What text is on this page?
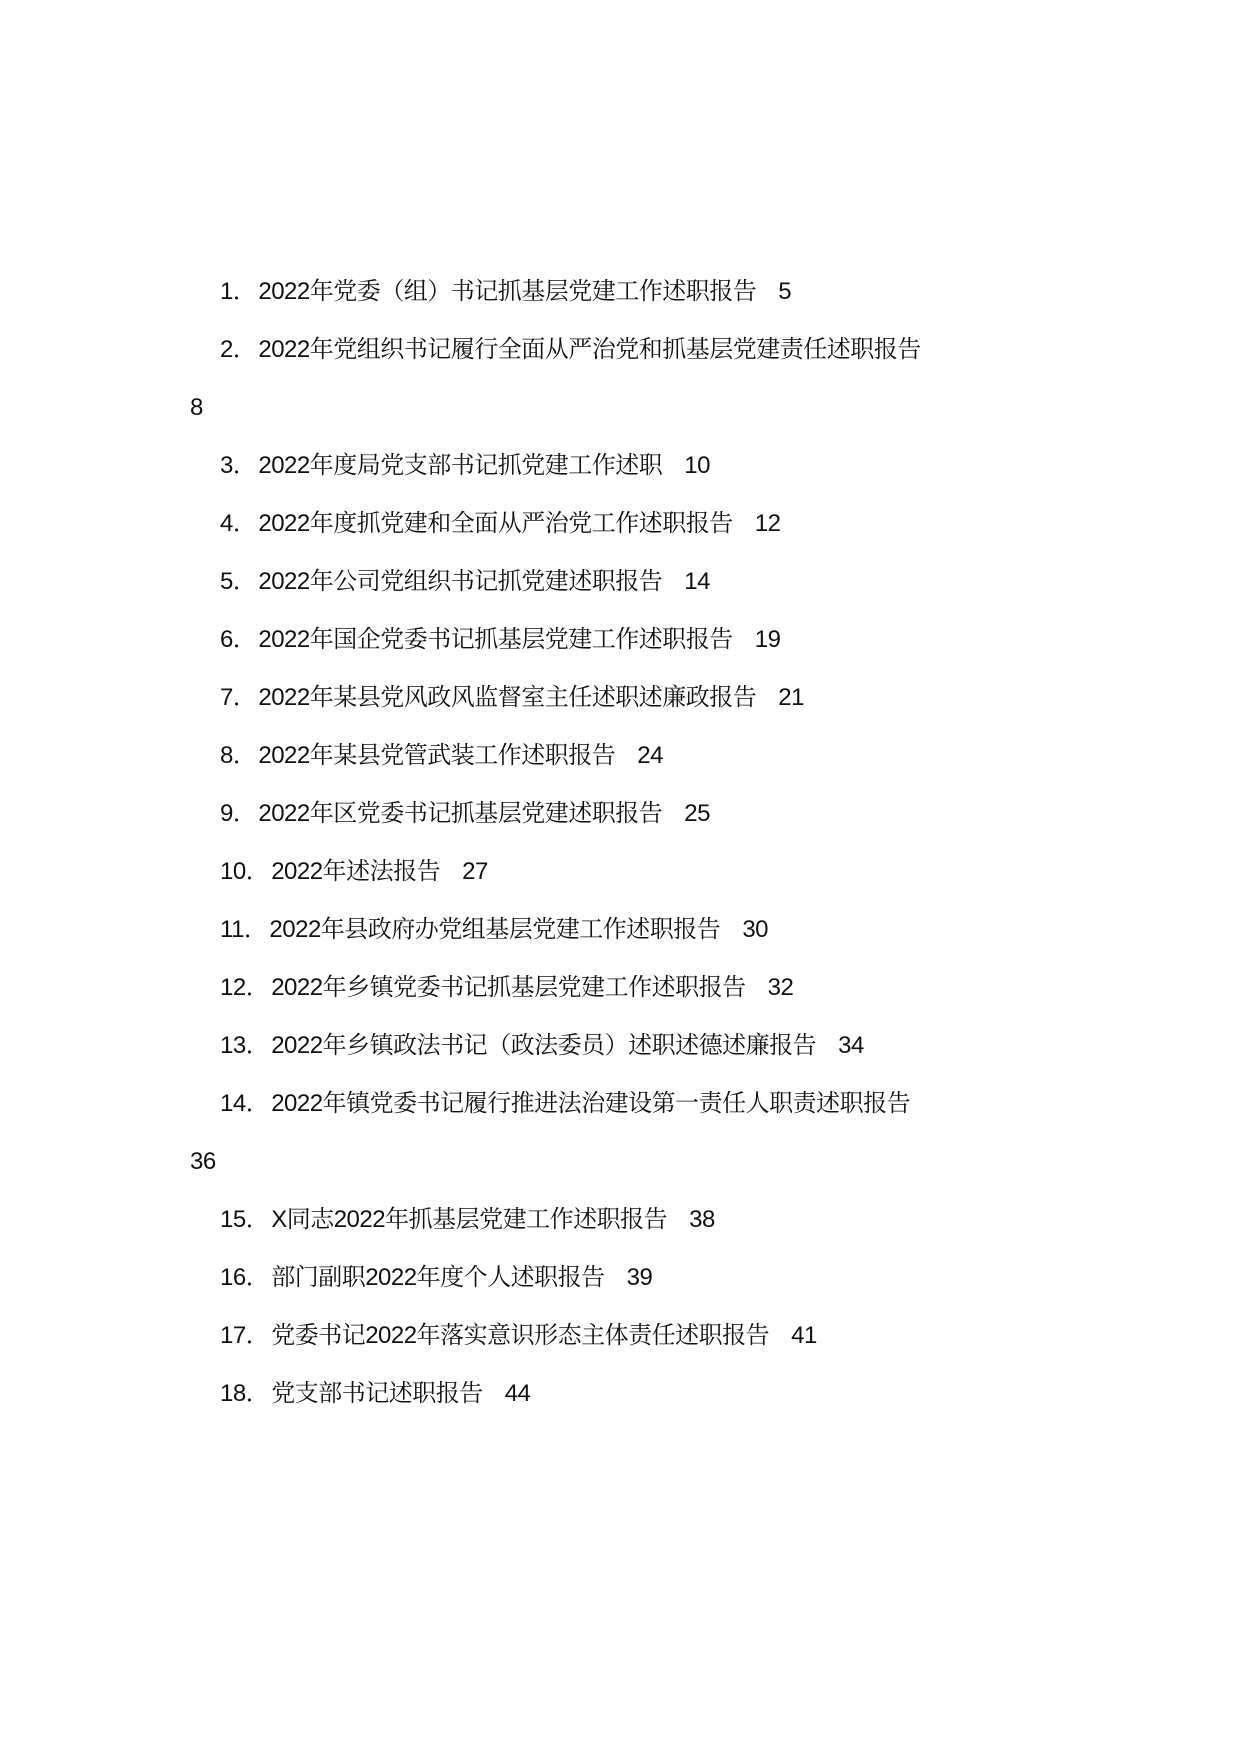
1．2022年党委（组）书记抓基层党建工作述职报告 5

2．2022年党组织书记履行全面从严治党和抓基层党建责任述职报告8

3．2022年度局党支部书记抓党建工作述职 10

4．2022年度抓党建和全面从严治党工作述职报告 12

5．2022年公司党组织书记抓党建述职报告 14

6．2022年国企党委书记抓基层党建工作述职报告 19

7．2022年某县党风政风监督室主任述职述廉政报告 21

8．2022年某县党管武装工作述职报告 24

9．2022年区党委书记抓基层党建述职报告 25

10．2022年述法报告 27

11．2022年县政府办党组基层党建工作述职报告 30

12．2022年乡镇党委书记抓基层党建工作述职报告 32

13．2022年乡镇政法书记（政法委员）述职述德述廉报告 34

14．2022年镇党委书记履行推进法治建设第一责任人职责述职报告36

15．X同志2022年抓基层党建工作述职报告 38

16．部门副职2022年度个人述职报告 39

17．党委书记2022年落实意识形态主体责任述职报告 41

18．党支部书记述职报告 44
